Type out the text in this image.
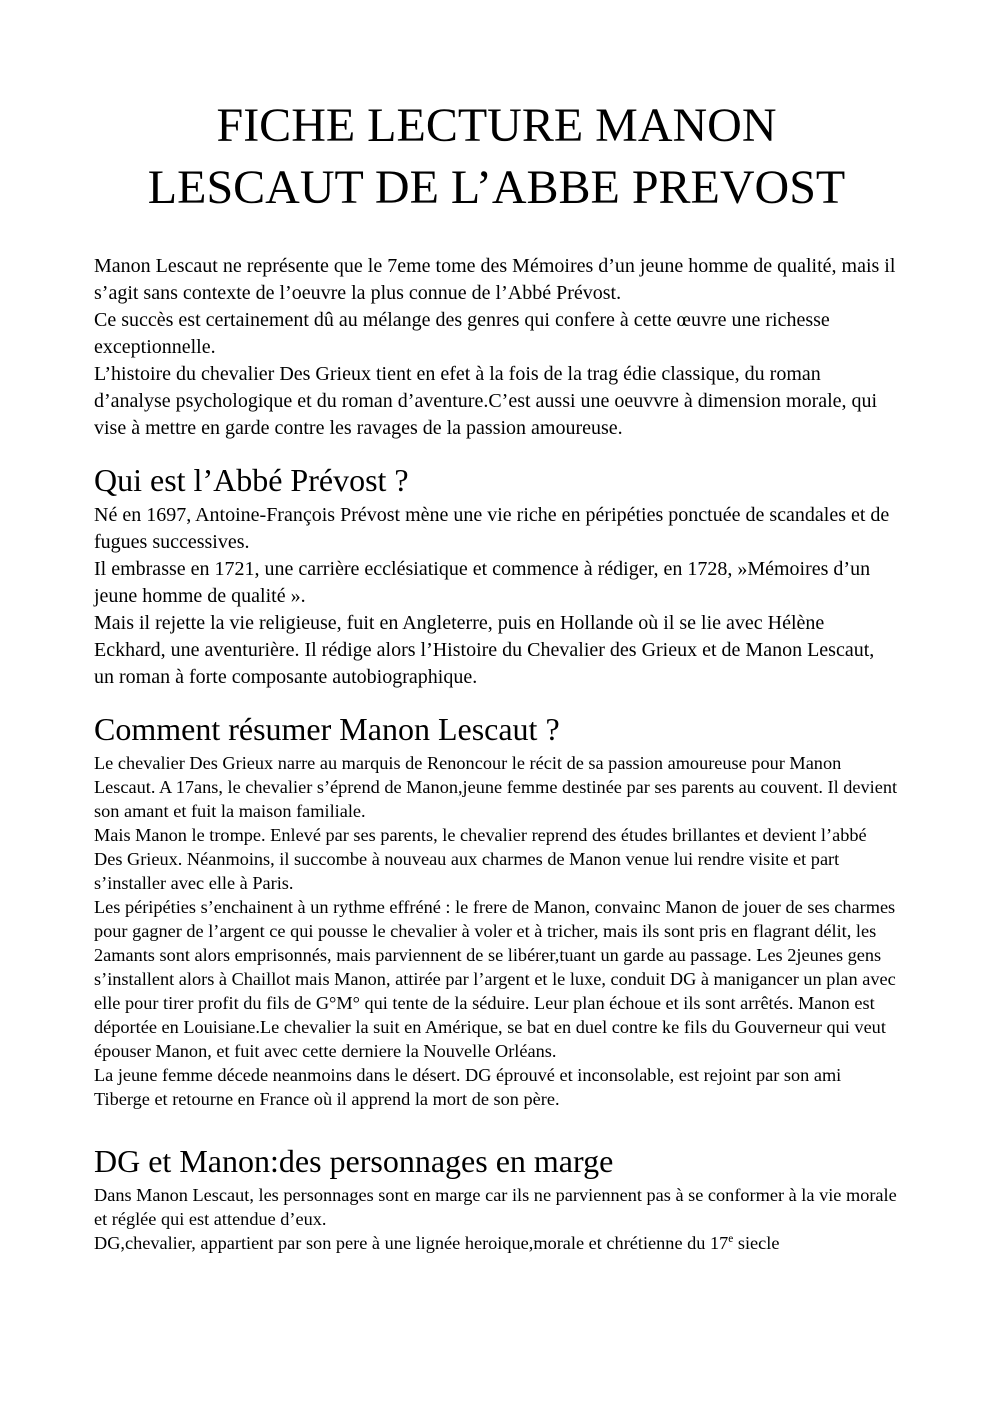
FICHE LECTURE MANON
LESCAUT DE L’ABBE PREVOST

Manon Lescaut ne représente que le 7eme tome des Mémoires d’un jeune homme de qualité, mais il s’agit sans contexte de l’oeuvre la plus connue de l’Abbé Prévost.

Ce succès est certainement dû au mélange des genres qui confere à cette œuvre une richesse exceptionnelle.

L’histoire du chevalier Des Grieux tient en efet à la fois de la trag édie classique, du roman d’analyse psychologique et du roman d’aventure.C’est aussi une oeuvvre à dimension morale, qui vise à mettre en garde contre les ravages de la passion amoureuse.

Qui est l’Abbé Prévost ?

Né en 1697, Antoine-François Prévost mène une vie riche en péripéties ponctuée de scandales et de fugues successives.

Il embrasse en 1721, une carrière ecclésiatique et commence à rédiger, en 1728, »Mémoires d’un jeune homme de qualité ».

Mais il rejette la vie religieuse, fuit en Angleterre, puis en Hollande où il se lie avec Hélène Eckhard, une aventurière. Il rédige alors l’Histoire du Chevalier des Grieux et de Manon Lescaut, un roman à forte composante autobiographique.

Comment résumer Manon Lescaut ?

Le chevalier Des Grieux narre au marquis de Renoncour le récit de sa passion amoureuse pour Manon Lescaut. A 17ans, le chevalier s’éprend de Manon,jeune femme destinée par ses parents au couvent. Il devient son amant et fuit la maison familiale.

Mais Manon le trompe. Enlevé par ses parents, le chevalier reprend des études brillantes et devient l’abbé Des Grieux. Néanmoins, il succombe à nouveau aux charmes de Manon venue lui rendre visite et part s’installer avec elle à Paris.

Les péripéties s’enchainent à un rythme effréné : le frere de Manon, convainc Manon de jouer de ses charmes pour gagner de l’argent ce qui pousse le chevalier à voler et à tricher, mais ils sont pris en flagrant délit, les 2amants sont alors emprisonnés, mais parviennent de se libérer,tuant un garde au passage. Les 2jeunes gens s’installent alors à Chaillot mais Manon, attirée par l’argent et le luxe, conduit DG à manigancer un plan avec elle pour tirer profit du fils de G°M° qui tente de la séduire. Leur plan échoue et ils sont arrêtés. Manon est déportée en Louisiane.Le chevalier la suit en Amérique, se bat en duel contre ke fils du Gouverneur qui veut épouser Manon, et fuit avec cette derniere la Nouvelle Orléans.

La jeune femme décede neanmoins dans le désert. DG éprouvé et inconsolable, est rejoint par son ami Tiberge et retourne en France où il apprend la mort de son père.

DG et Manon:des personnages en marge

Dans Manon Lescaut, les personnages sont en marge car ils ne parviennent pas à se conformer à la vie morale et réglée qui est attendue d’eux.

DG,chevalier, appartient par son pere à une lignée heroique,morale et chrétienne du 17e siecle
